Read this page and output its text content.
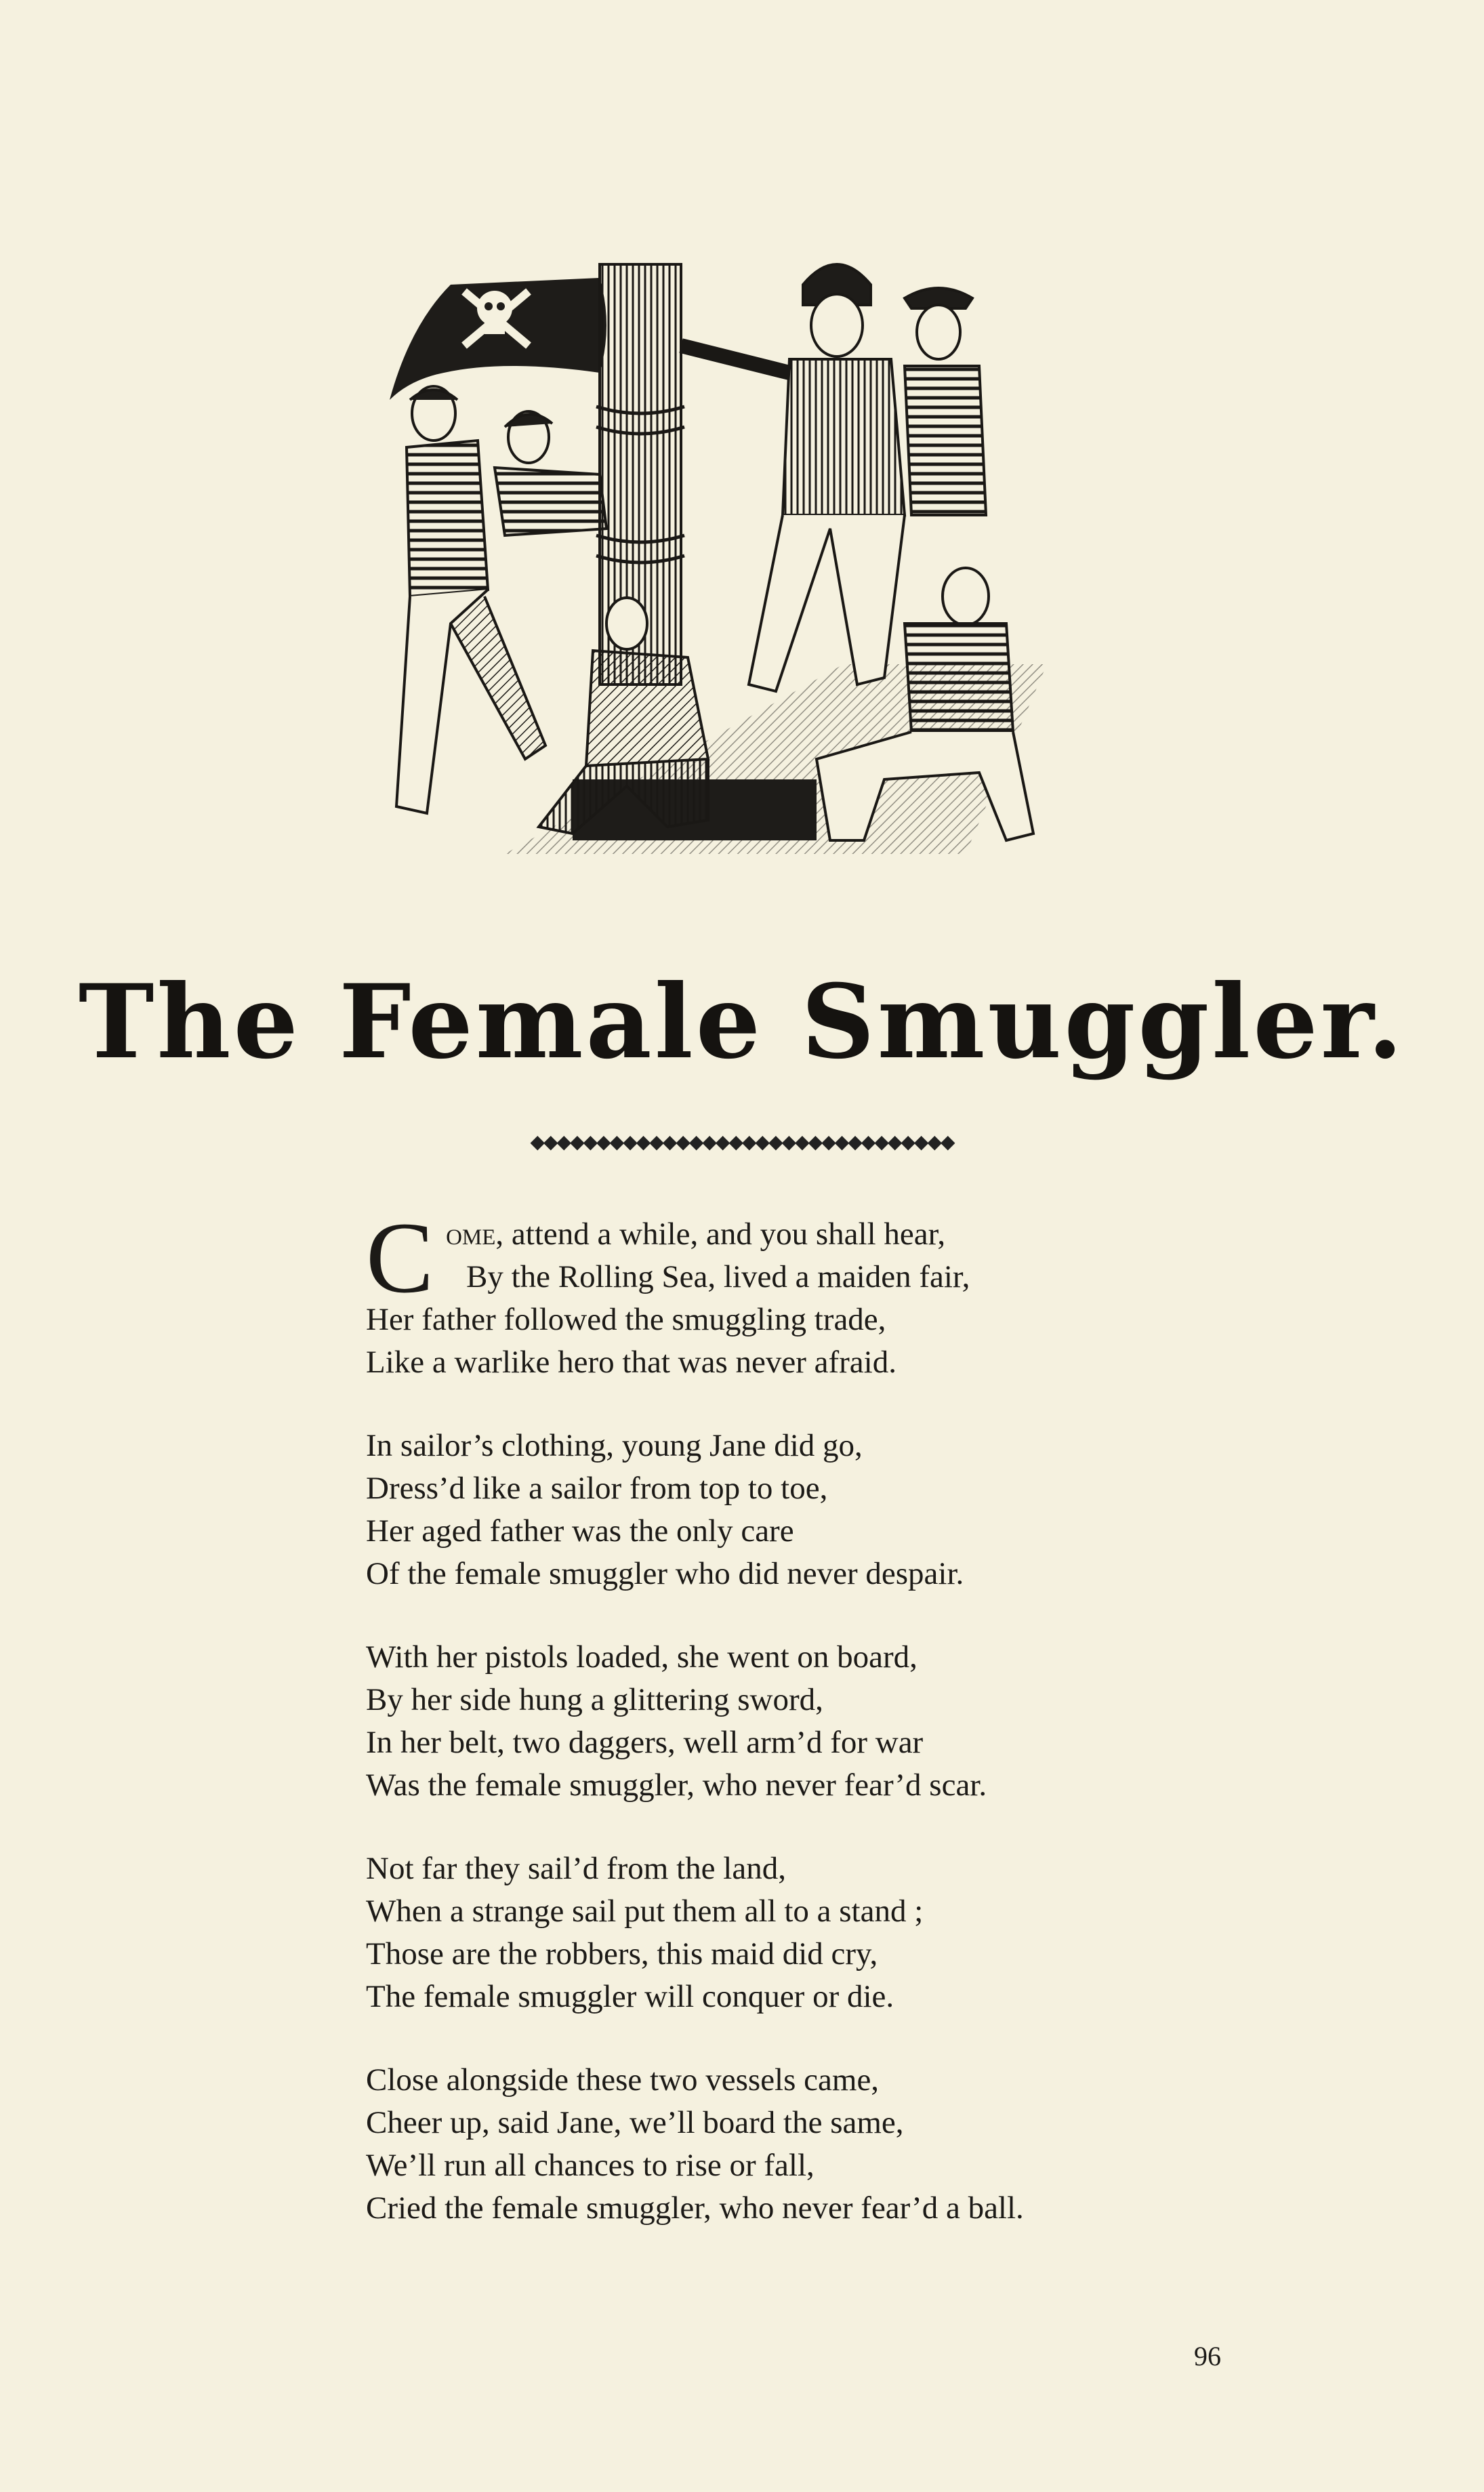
The Female Smuggler.
◆◆◆◆◆◆◆◆◆◆◆◆◆◆◆◆◆◆◆◆◆◆◆◆◆◆◆◆◆◆◆◆
C ome, attend a while, and you shall hear,
By the Rolling Sea, lived a maiden fair,
Her father followed the smuggling trade,
Like a warlike hero that was never afraid.
In sailor’s clothing, young Jane did go,
Dress’d like a sailor from top to toe,
Her aged father was the only care
Of the female smuggler who did never despair.
With her pistols loaded, she went on board,
By her side hung a glittering sword,
In her belt, two daggers, well arm’d for war
Was the female smuggler, who never fear’d scar.
Not far they sail’d from the land,
When a strange sail put them all to a stand ;
Those are the robbers, this maid did cry,
The female smuggler will conquer or die.
Close alongside these two vessels came,
Cheer up, said Jane, we’ll board the same,
We’ll run all chances to rise or fall,
Cried the female smuggler, who never fear’d a ball.
96
